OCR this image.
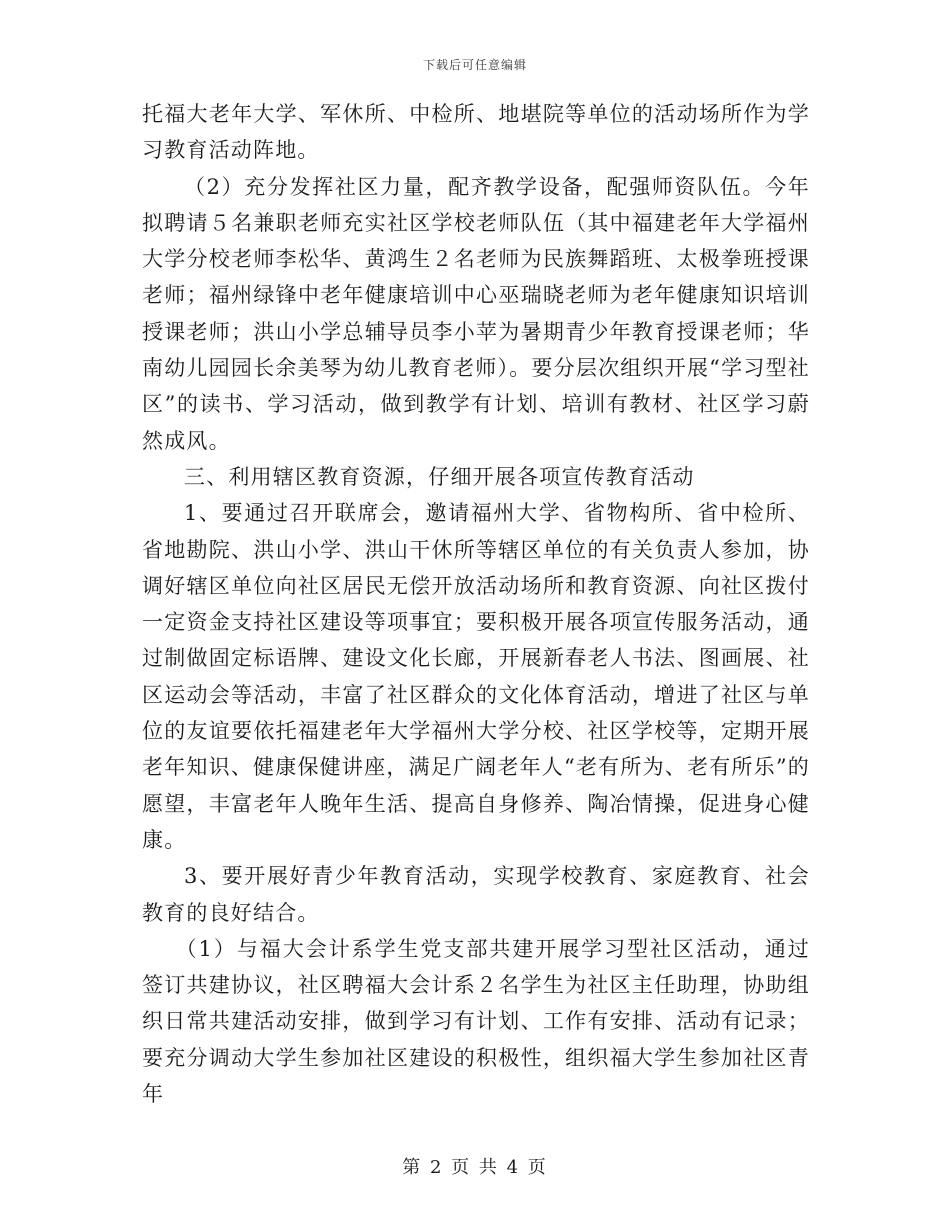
下载后可任意编辑

托福大老年大学、军休所、中检所、地堪院等单位的活动场所作为学习教育活动阵地。

（2）充分发挥社区力量，配齐教学设备，配强师资队伍。今年拟聘请５名兼职老师充实社区学校老师队伍（其中福建老年大学福州大学分校老师李松华、黄鸿生２名老师为民族舞蹈班、太极拳班授课老师；福州绿锋中老年健康培训中心巫瑞晓老师为老年健康知识培训授课老师；洪山小学总辅导员李小苹为暑期青少年教育授课老师；华南幼儿园园长余美琴为幼儿教育老师）。要分层次组织开展“学习型社区”的读书、学习活动，做到教学有计划、培训有教材、社区学习蔚然成风。

三、利用辖区教育资源，仔细开展各项宣传教育活动

1、要通过召开联席会，邀请福州大学、省物构所、省中检所、省地勘院、洪山小学、洪山干休所等辖区单位的有关负责人参加，协调好辖区单位向社区居民无偿开放活动场所和教育资源、向社区拨付一定资金支持社区建设等项事宜；要积极开展各项宣传服务活动，通过制做固定标语牌、建设文化长廊，开展新春老人书法、图画展、社区运动会等活动，丰富了社区群众的文化体育活动，增进了社区与单位的友谊要依托福建老年大学福州大学分校、社区学校等，定期开展老年知识、健康保健讲座，满足广阔老年人“老有所为、老有所乐”的愿望，丰富老年人晚年生活、提高自身修养、陶冶情操，促进身心健康。

3、要开展好青少年教育活动，实现学校教育、家庭教育、社会教育的良好结合。

（1）与福大会计系学生党支部共建开展学习型社区活动，通过签订共建协议，社区聘福大会计系２名学生为社区主任助理，协助组织日常共建活动安排，做到学习有计划、工作有安排、活动有记录；要充分调动大学生参加社区建设的积极性，组织福大学生参加社区青年

第 2 页 共 4 页
